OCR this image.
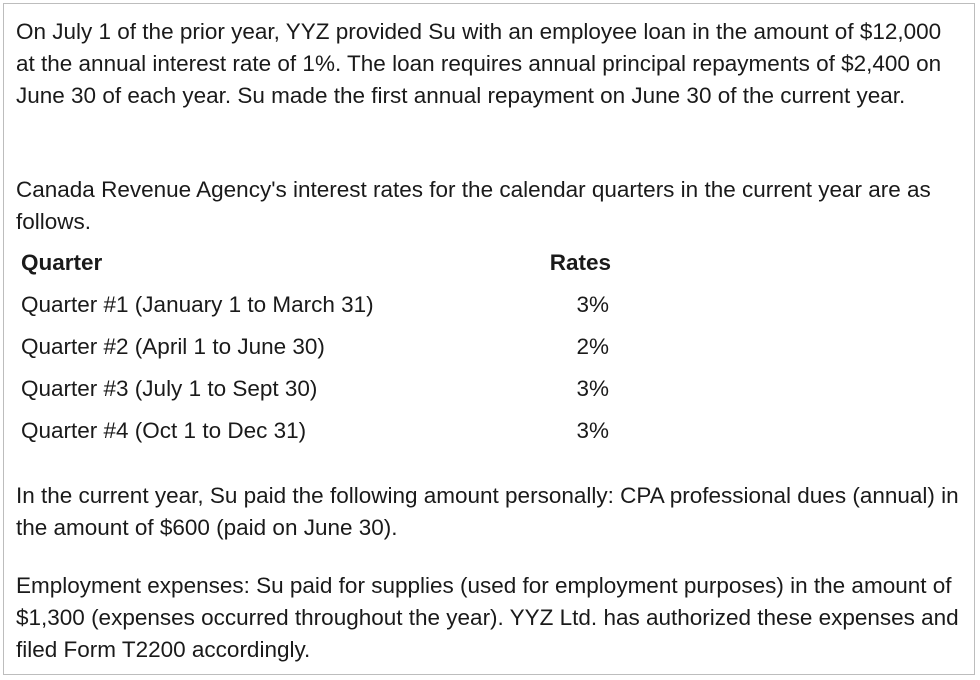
On July 1 of the prior year, YYZ provided Su with an employee loan in the amount of $12,000 at the annual interest rate of 1%. The loan requires annual principal repayments of $2,400 on June 30 of each year. Su made the first annual repayment on June 30 of the current year.

Canada Revenue Agency's interest rates for the calendar quarters in the current year are as follows.

Quarter	Rates
Quarter #1 (January 1 to March 31)	3%
Quarter #2 (April 1 to June 30)	2%
Quarter #3 (July 1 to Sept 30)	3%
Quarter #4 (Oct 1 to Dec 31)	3%

In the current year, Su paid the following amount personally: CPA professional dues (annual) in the amount of $600 (paid on June 30).

Employment expenses: Su paid for supplies (used for employment purposes) in the amount of $1,300 (expenses occurred throughout the year). YYZ Ltd. has authorized these expenses and filed Form T2200 accordingly.
